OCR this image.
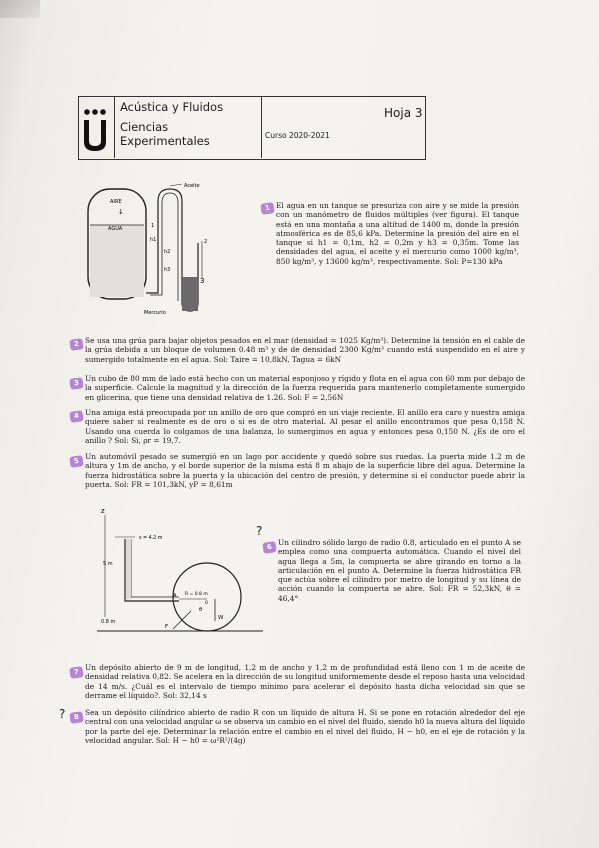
Acústica y Fluidos
Ciencias Experimentales
Hoja 3
Curso 2020-2021
AIRE
↓
AGUA
Aceite
h1
h2
h3
1
2
3
Mercurio
1 El agua en un tanque se presuriza con aire y se mide la presión con un manómetro de fluidos múltiples (ver figura). El tanque está en una montaña a una altitud de 1400 m, donde la presión atmosférica es de 85,6 kPa. Determine la presión del aire en el tanque si h1 = 0,1m, h2 = 0,2m y h3 = 0,35m. Tome las densidades del agua, el aceite y el mercurio como 1000 kg/m³, 850 kg/m³, y 13600 kg/m³, respectivamente. Sol: P=130 kPa
2 Se usa una grúa para bajar objetos pesados en el mar (densidad = 1025 Kg/m³). Determine la tensión en el cable de la grúa debida a un bloque de volumen 0.48 m³ y de de densidad 2300 Kg/m³ cuando está suspendido en el aire y sumergido totalmente en el agua. Sol: Taire = 10,8kN, Tagua = 6kN
3
Un cubo de 80 mm de lado está hecho con un material esponjoso y rígido y flota en el agua con 60 mm por debajo de la superficie. Calcule la magnitud y la dirección de la fuerza requerida para mantenerlo completamente sumergido en glicerina, que tiene una densidad relativa de 1.26. Sol: F = 2,56N
4 Una amiga está preocupada por un anillo de oro que compró en un viaje reciente. El anillo era caro y nuestra amiga quiere saber si realmente es de oro o si es de otro material. Al pesar el anillo encontramos que pesa 0,158 N. Usando una cuerda lo colgamos de una balanza, lo sumergimos en agua y entonces pesa 0,150 N. ¿Es de oro el anillo ? Sol: Si, ρr = 19,7.
5
Un automóvil pesado se sumergió en un lago por accidente y quedó sobre sus ruedas. La puerta mide 1.2 m de altura y 1m de ancho, y el borde superior de la misma está 8 m abajo de la superficie libre del agua. Determine la fuerza hidrostática sobre la puerta y la ubicación del centro de presión, y determine si el conductor puede abrir la puerta. Sol: FR = 101,3kN, yP = 8,61m
z
s = 4.2 m
5 m
R = 0.8 m
A
θ
0
W
F
0.8 m
?
6
Un cilindro sólido largo de radio 0.8, articulado en el punto A se emplea como una compuerta automática. Cuando el nivel del agua llega a 5m, la compuerta se abre girando en torno a la articulación en el punto A. Determine la fuerza hidrostática FR que actúa sobre el cilindro por metro de longitud y su línea de acción cuando la compuerta se abre. Sol: FR = 52,3kN, θ = 46,4°
7
Un depósito abierto de 9 m de longitud, 1,2 m de ancho y 1,2 m de profundidad está lleno con 1 m de aceite de densidad relativa 0,82. Se acelera en la dirección de su longitud uniformemente desde el reposo hasta una velocidad de 14 m/s. ¿Cuál es el intervalo de tiempo mínimo para acelerar el depósito hasta dicha velocidad sin que se derrame el líquido?. Sol: 32,14 s
?	8
Sea un depósito cilíndrico abierto de radio R con un líquido de altura H. Si se pone en rotación alrededor del eje central con una velocidad angular ω se observa un cambio en el nivel del fluido, siendo h0 la nueva altura del líquido por la parte del eje. Determinar la relación entre el cambio en el nivel del fluido, H − h0, en el eje de rotación y la velocidad angular. Sol: H − h0 = ω²R²/(4g)
